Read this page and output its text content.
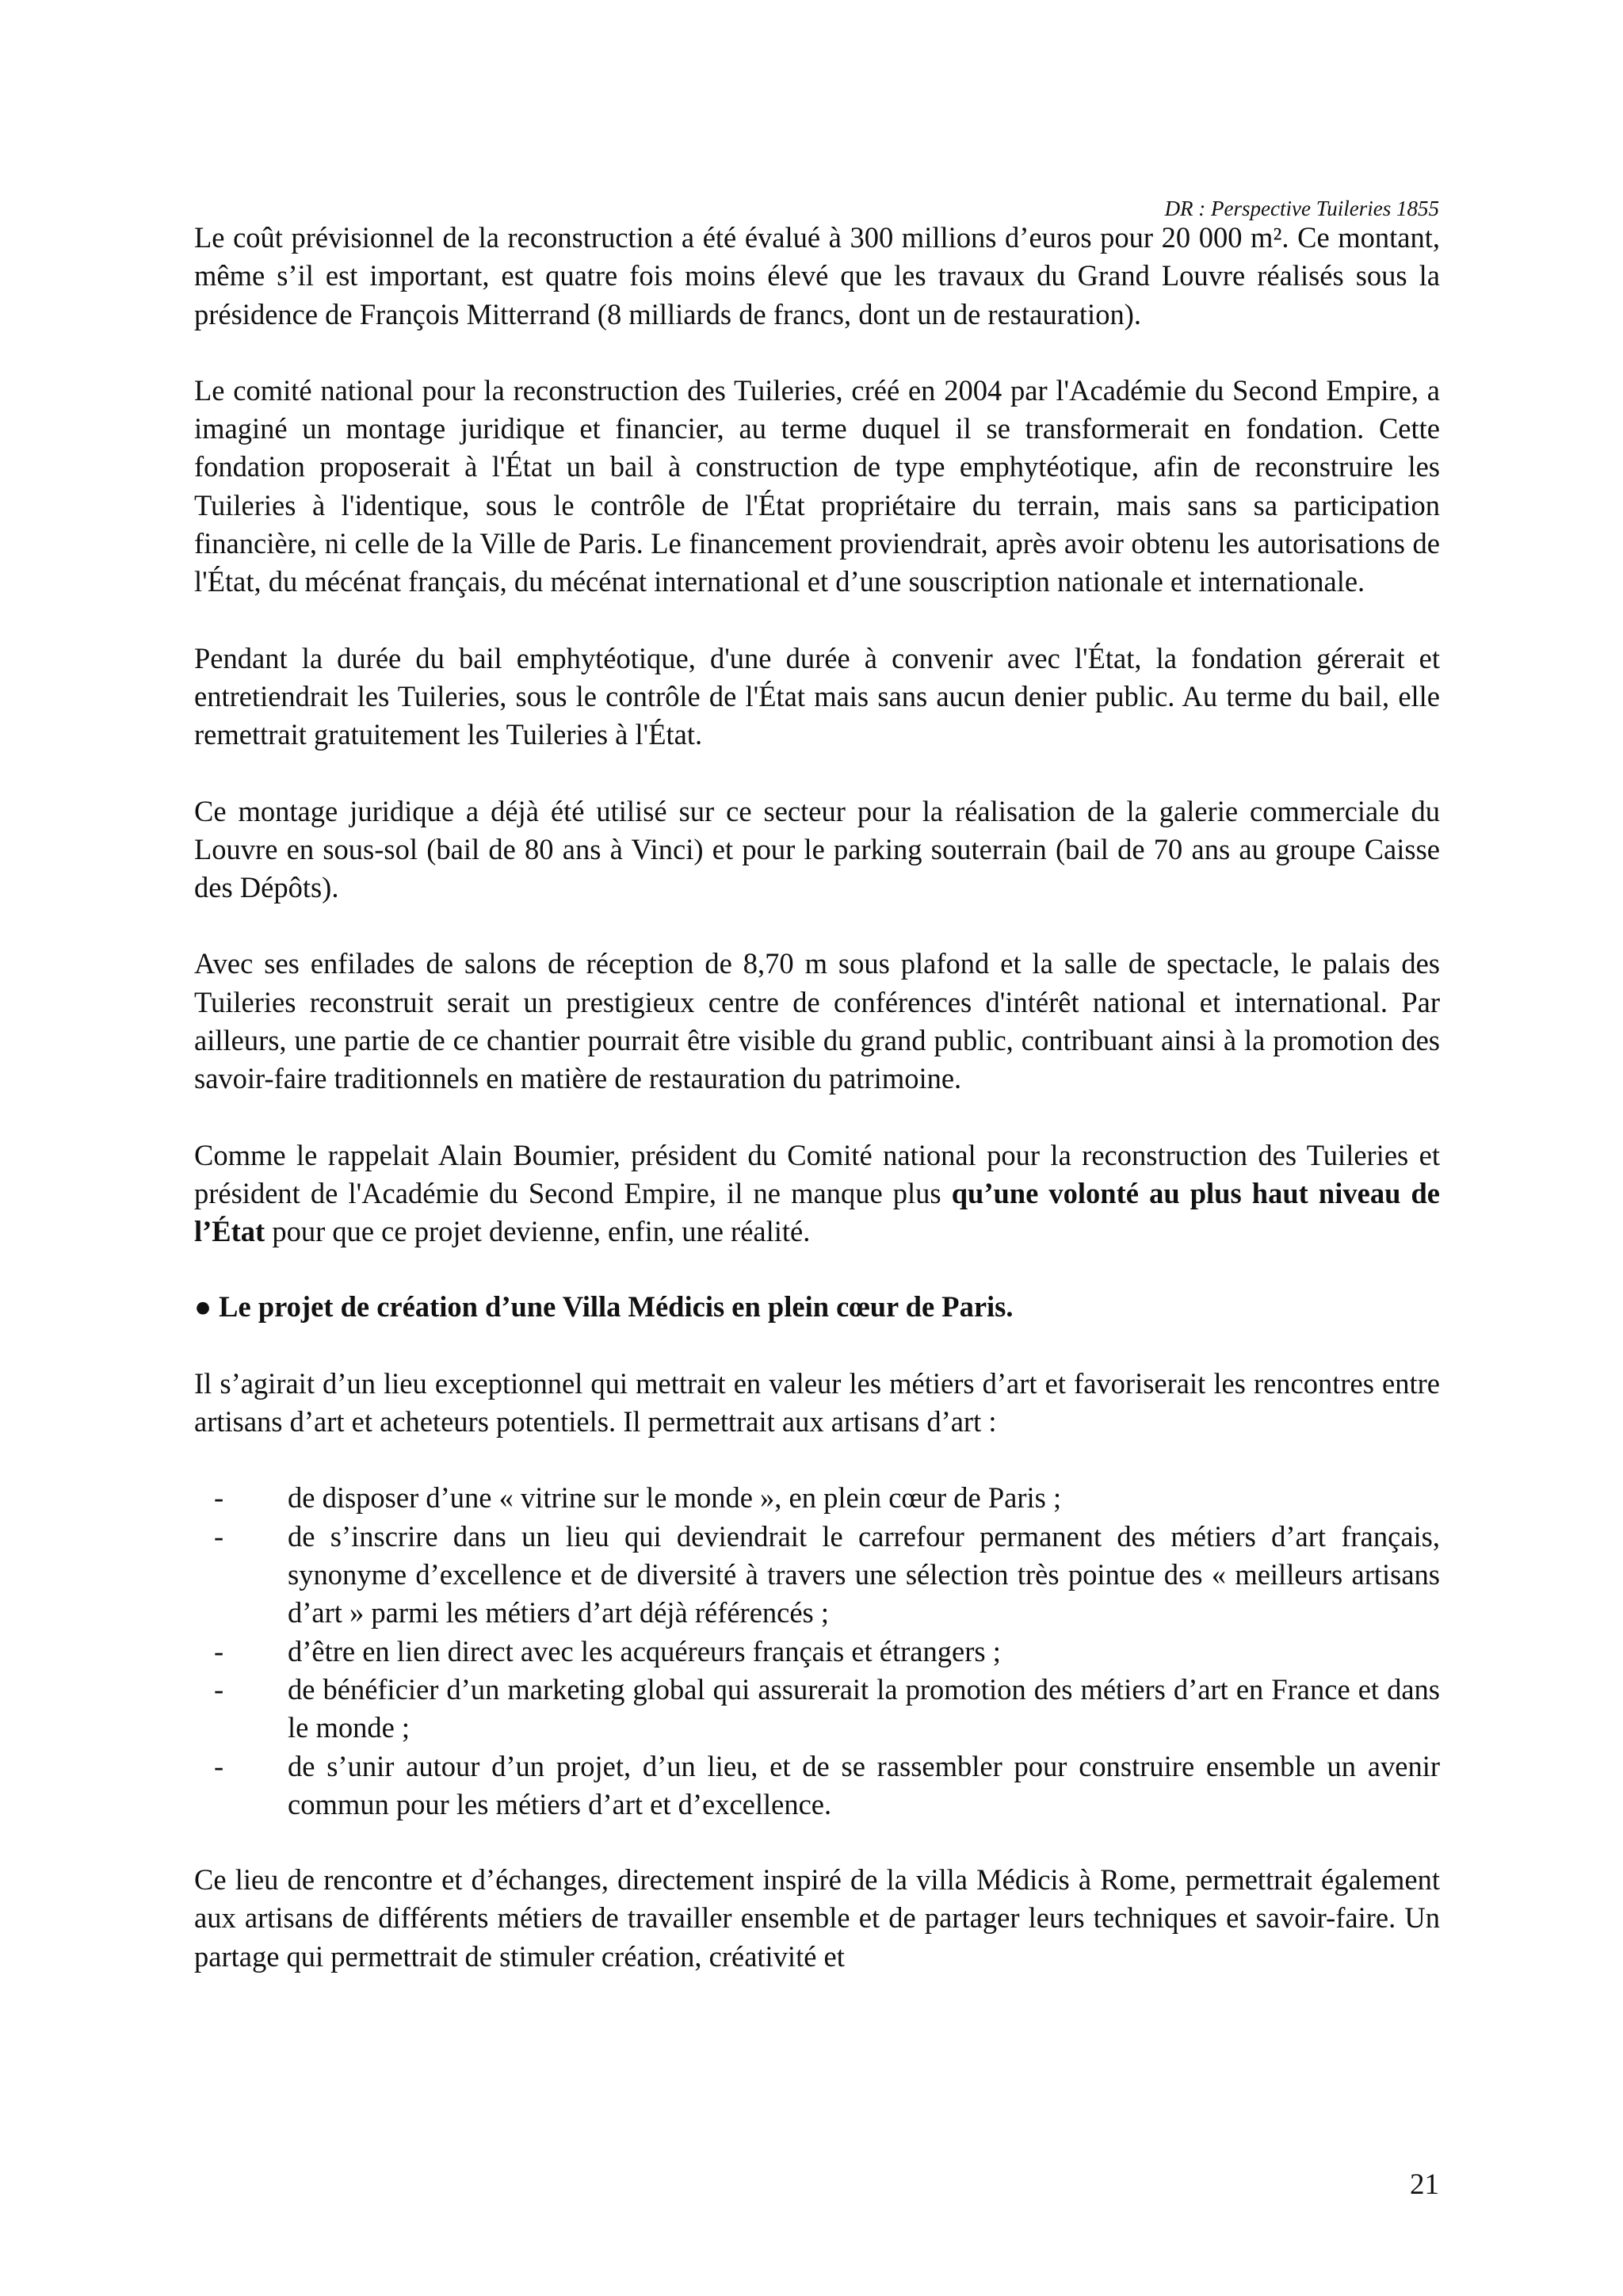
DR : Perspective Tuileries 1855

Le coût prévisionnel de la reconstruction a été évalué à 300 millions d’euros pour 20 000 m². Ce montant, même s’il est important, est quatre fois moins élevé que les travaux du Grand Louvre réalisés sous la présidence de François Mitterrand (8 milliards de francs, dont un de restauration).

Le comité national pour la reconstruction des Tuileries, créé en 2004 par l'Académie du Second Empire, a imaginé un montage juridique et financier, au terme duquel il se transformerait en fondation. Cette fondation proposerait à l'État un bail à construction de type emphytéotique, afin de reconstruire les Tuileries à l'identique, sous le contrôle de l'État propriétaire du terrain, mais sans sa participation financière, ni celle de la Ville de Paris. Le financement proviendrait, après avoir obtenu les autorisations de l'État, du mécénat français, du mécénat international et d’une souscription nationale et internationale.

Pendant la durée du bail emphytéotique, d'une durée à convenir avec l'État, la fondation gérerait et entretiendrait les Tuileries, sous le contrôle de l'État mais sans aucun denier public. Au terme du bail, elle remettrait gratuitement les Tuileries à l'État.

Ce montage juridique a déjà été utilisé sur ce secteur pour la réalisation de la galerie commerciale du Louvre en sous-sol (bail de 80 ans à Vinci) et pour le parking souterrain (bail de 70 ans au groupe Caisse des Dépôts).

Avec ses enfilades de salons de réception de 8,70 m sous plafond et la salle de spectacle, le palais des Tuileries reconstruit serait un prestigieux centre de conférences d'intérêt national et international. Par ailleurs, une partie de ce chantier pourrait être visible du grand public, contribuant ainsi à la promotion des savoir-faire traditionnels en matière de restauration du patrimoine.

Comme le rappelait Alain Boumier, président du Comité national pour la reconstruction des Tuileries et président de l'Académie du Second Empire, il ne manque plus qu’une volonté au plus haut niveau de l’État pour que ce projet devienne, enfin, une réalité.

● Le projet de création d’une Villa Médicis en plein cœur de Paris.

Il s’agirait d’un lieu exceptionnel qui mettrait en valeur les métiers d’art et favoriserait les rencontres entre artisans d’art et acheteurs potentiels. Il permettrait aux artisans d’art :

- de disposer d’une « vitrine sur le monde », en plein cœur de Paris ;
- de s’inscrire dans un lieu qui deviendrait le carrefour permanent des métiers d’art français, synonyme d’excellence et de diversité à travers une sélection très pointue des « meilleurs artisans d’art » parmi les métiers d’art déjà référencés ;
- d’être en lien direct avec les acquéreurs français et étrangers ;
- de bénéficier d’un marketing global qui assurerait la promotion des métiers d’art en France et dans le monde ;
- de s’unir autour d’un projet, d’un lieu, et de se rassembler pour construire ensemble un avenir commun pour les métiers d’art et d’excellence.

Ce lieu de rencontre et d’échanges, directement inspiré de la villa Médicis à Rome, permettrait également aux artisans de différents métiers de travailler ensemble et de partager leurs techniques et savoir-faire. Un partage qui permettrait de stimuler création, créativité et

21
